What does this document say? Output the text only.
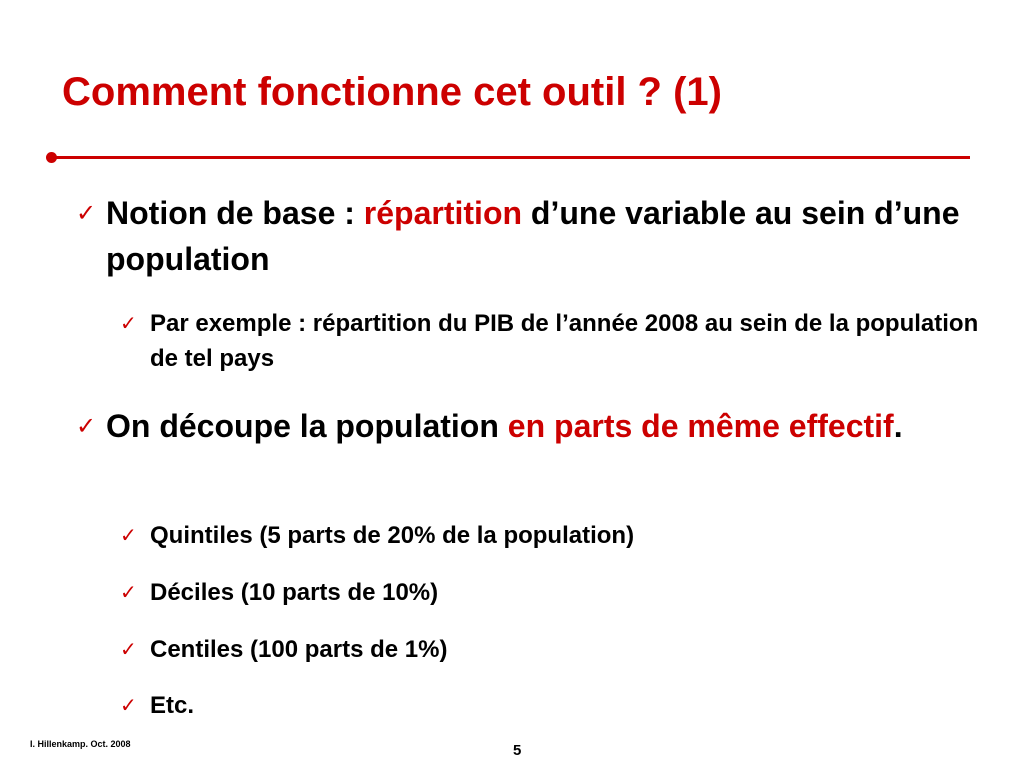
Comment fonctionne cet outil ? (1)
✓ Notion de base : répartition d’une variable au sein d’une population
✓ Par exemple : répartition du PIB de l’année 2008 au sein de la population de tel pays
✓ On découpe la population en parts de même effectif.
✓ Quintiles (5 parts de 20% de la population)
✓ Déciles (10 parts de 10%)
✓ Centiles (100 parts de 1%)
✓ Etc.
I. Hillenkamp. Oct. 2008	5
